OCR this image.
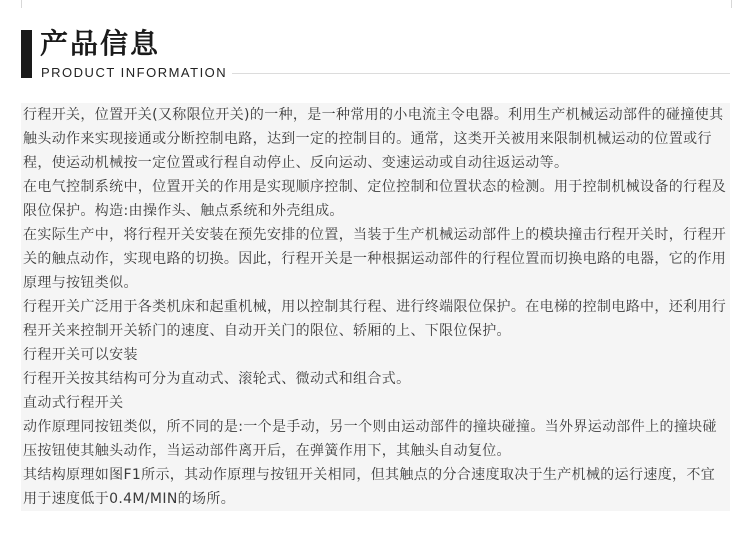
产品信息
PRODUCT INFORMATION

行程开关，位置开关(又称限位开关)的一种，是一种常用的小电流主令电器。利用生产机械运动部件的碰撞使其触头动作来实现接通或分断控制电路，达到一定的控制目的。通常，这类开关被用来限制机械运动的位置或行程，使运动机械按一定位置或行程自动停止、反向运动、变速运动或自动往返运动等。

在电气控制系统中，位置开关的作用是实现顺序控制、定位控制和位置状态的检测。用于控制机械设备的行程及限位保护。构造:由操作头、触点系统和外壳组成。

在实际生产中，将行程开关安装在预先安排的位置，当装于生产机械运动部件上的模块撞击行程开关时，行程开关的触点动作，实现电路的切换。因此，行程开关是一种根据运动部件的行程位置而切换电路的电器，它的作用原理与按钮类似。

行程开关广泛用于各类机床和起重机械，用以控制其行程、进行终端限位保护。在电梯的控制电路中，还利用行程开关来控制开关轿门的速度、自动开关门的限位、轿厢的上、下限位保护。

行程开关可以安装

行程开关按其结构可分为直动式、滚轮式、微动式和组合式。

直动式行程开关

动作原理同按钮类似，所不同的是:一个是手动，另一个则由运动部件的撞块碰撞。当外界运动部件上的撞块碰压按钮使其触头动作，当运动部件离开后，在弹簧作用下，其触头自动复位。

其结构原理如图F1所示，其动作原理与按钮开关相同，但其触点的分合速度取决于生产机械的运行速度，不宜用于速度低于0.4M/MIN的场所。
